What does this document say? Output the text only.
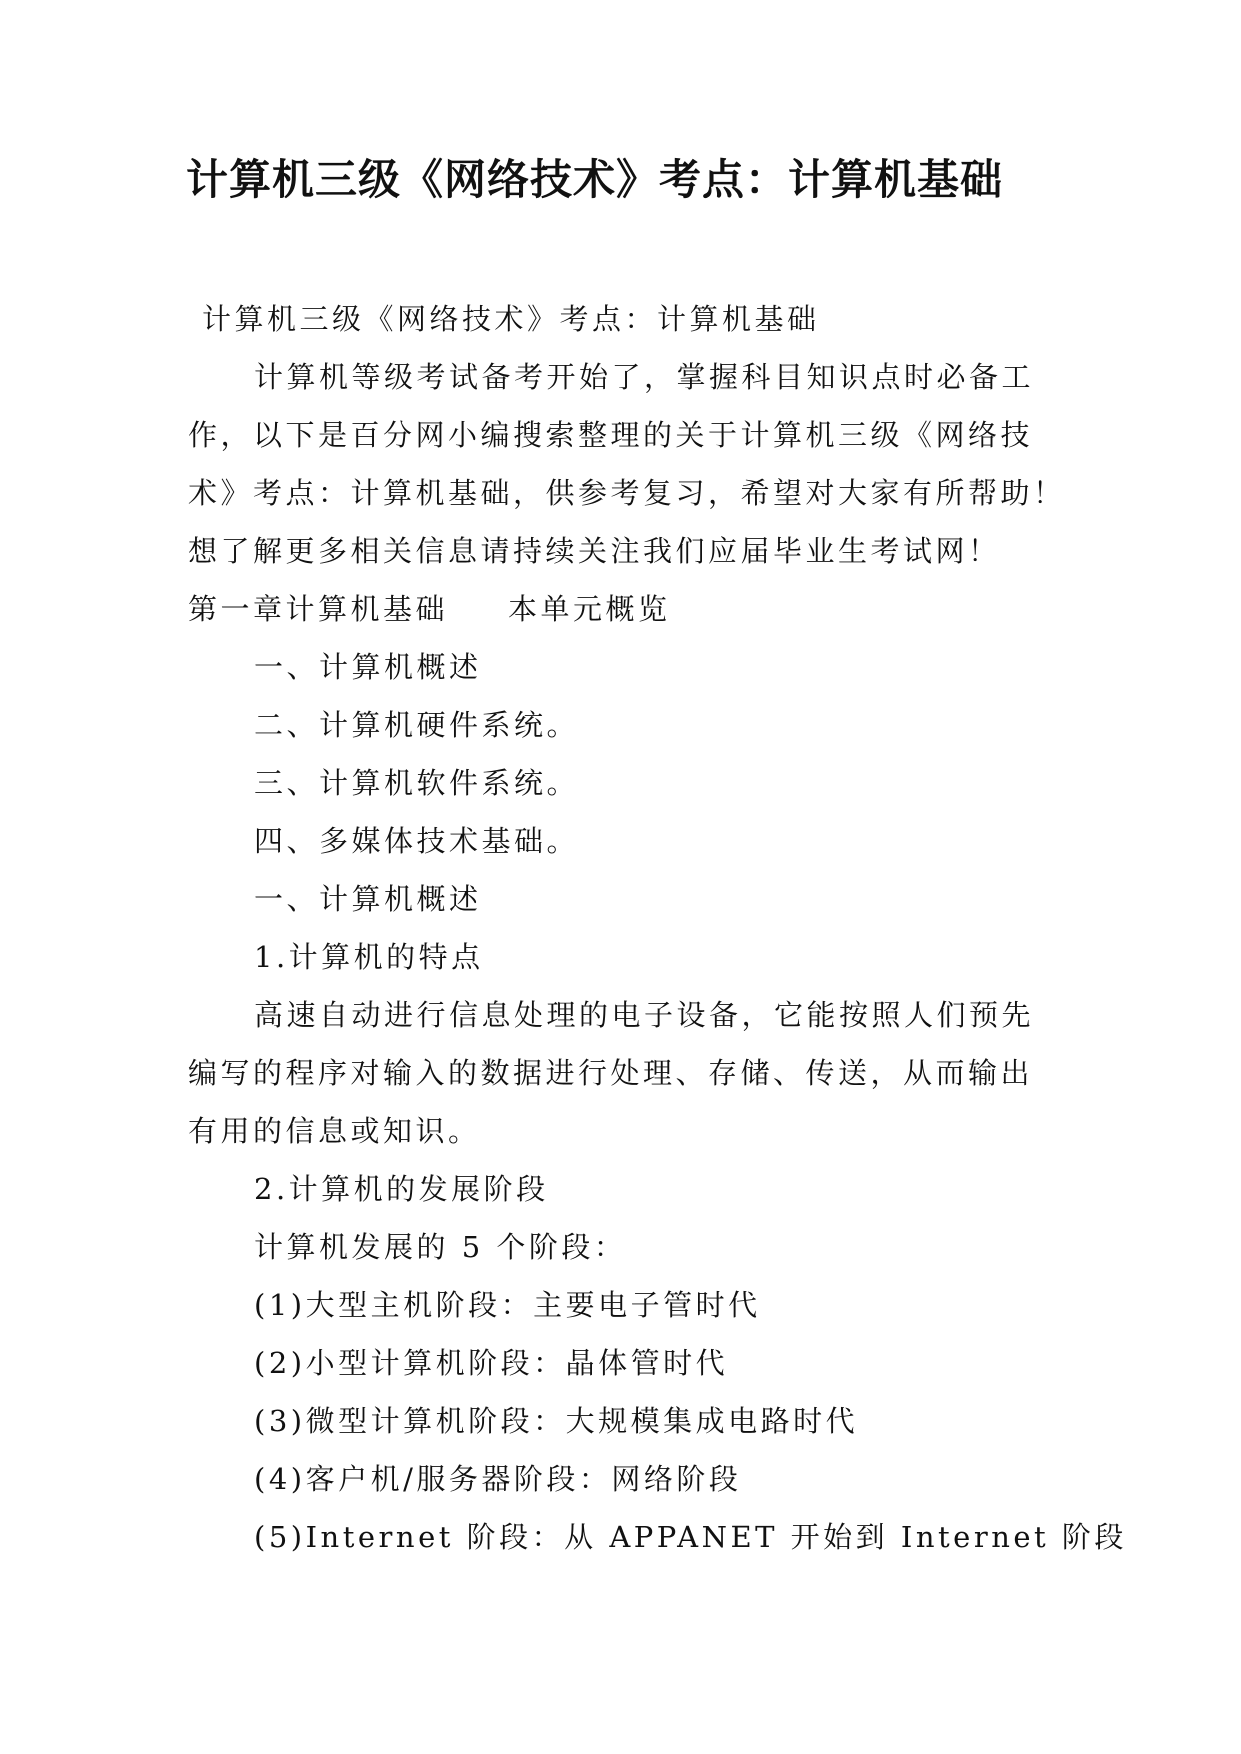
计算机三级《网络技术》考点：计算机基础
计算机三级《网络技术》考点：计算机基础
计算机等级考试备考开始了，掌握科目知识点时必备工
作，以下是百分网小编搜索整理的关于计算机三级《网络技
术》考点：计算机基础，供参考复习，希望对大家有所帮助！
想了解更多相关信息请持续关注我们应届毕业生考试网！
第一章计算机基础 本单元概览
一、计算机概述
二、计算机硬件系统。
三、计算机软件系统。
四、多媒体技术基础。
一、计算机概述
1.计算机的特点
高速自动进行信息处理的电子设备，它能按照人们预先
编写的程序对输入的数据进行处理、存储、传送，从而输出
有用的信息或知识。
2.计算机的发展阶段
计算机发展的 5 个阶段：
(1)大型主机阶段：主要电子管时代
(2)小型计算机阶段：晶体管时代
(3)微型计算机阶段：大规模集成电路时代
(4)客户机/服务器阶段：网络阶段
(5)Internet 阶段：从 APPANET 开始到 Internet 阶段
